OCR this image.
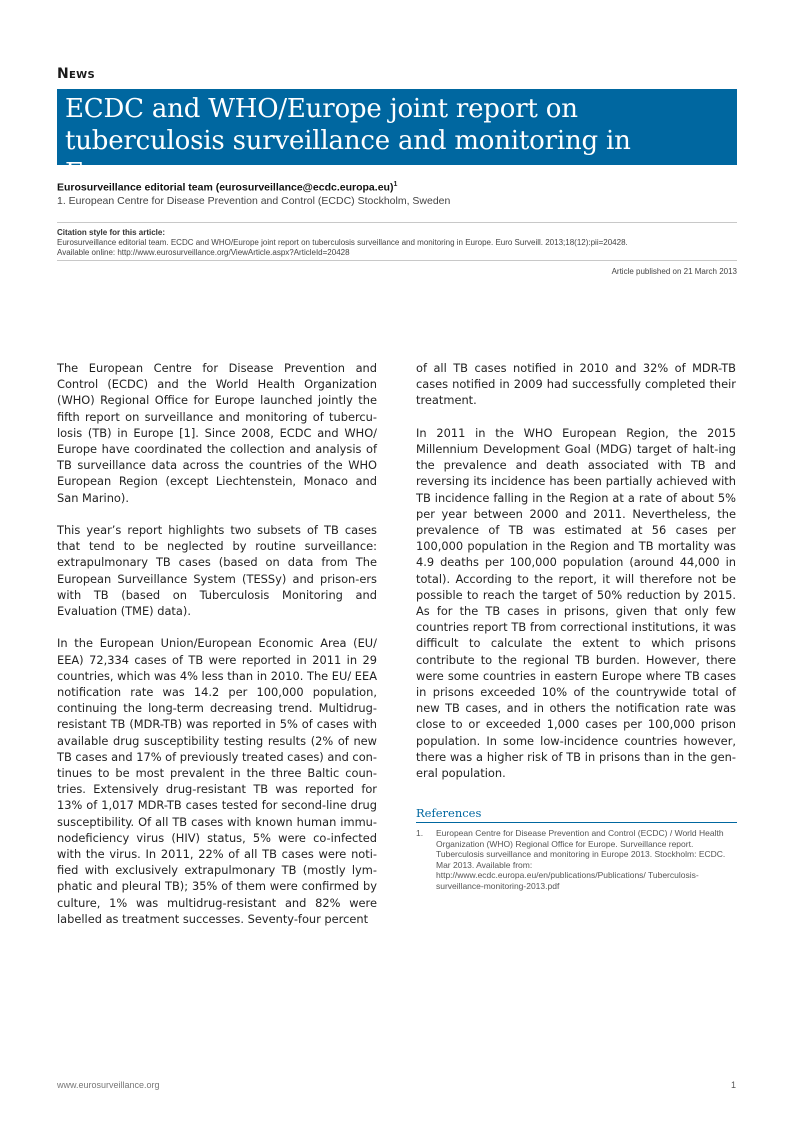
News
ECDC and WHO/Europe joint report on tuberculosis surveillance and monitoring in Europe
Eurosurveillance editorial team (eurosurveillance@ecdc.europa.eu)$^1$
1. European Centre for Disease Prevention and Control (ECDC) Stockholm, Sweden
Citation style for this article:
Eurosurveillance editorial team. ECDC and WHO/Europe joint report on tuberculosis surveillance and monitoring in Europe. Euro Surveill. 2013;18(12):pii=20428.
Available online: http://www.eurosurveillance.org/ViewArticle.aspx?ArticleId=20428
Article published on 21 March 2013

The European Centre for Disease Prevention and Control (ECDC) and the World Health Organization (WHO) Regional Office for Europe launched jointly the fifth report on surveillance and monitoring of tubercu-losis (TB) in Europe [1]. Since 2008, ECDC and WHO/ Europe have coordinated the collection and analysis of TB surveillance data across the countries of the WHO European Region (except Liechtenstein, Monaco and San Marino).

This year’s report highlights two subsets of TB cases that tend to be neglected by routine surveillance: extrapulmonary TB cases (based on data from The European Surveillance System (TESSy) and prison-ers with TB (based on Tuberculosis Monitoring and Evaluation (TME) data).

In the European Union/European Economic Area (EU/ EEA) 72,334 cases of TB were reported in 2011 in 29 countries, which was 4% less than in 2010. The EU/ EEA notification rate was 14.2 per 100,000 population, continuing the long-term decreasing trend. Multidrug-resistant TB (MDR-TB) was reported in 5% of cases with available drug susceptibility testing results (2% of new TB cases and 17% of previously treated cases) and con-tinues to be most prevalent in the three Baltic coun-tries. Extensively drug-resistant TB was reported for 13% of 1,017 MDR-TB cases tested for second-line drug susceptibility. Of all TB cases with known human immu-nodeficiency virus (HIV) status, 5% were co-infected with the virus. In 2011, 22% of all TB cases were noti-fied with exclusively extrapulmonary TB (mostly lym-phatic and pleural TB); 35% of them were confirmed by culture, 1% was multidrug-resistant and 82% were labelled as treatment successes. Seventy-four percent

of all TB cases notified in 2010 and 32% of MDR-TB cases notified in 2009 had successfully completed their treatment.

In 2011 in the WHO European Region, the 2015 Millennium Development Goal (MDG) target of halt-ing the prevalence and death associated with TB and reversing its incidence has been partially achieved with TB incidence falling in the Region at a rate of about 5% per year between 2000 and 2011. Nevertheless, the prevalence of TB was estimated at 56 cases per 100,000 population in the Region and TB mortality was 4.9 deaths per 100,000 population (around 44,000 in total). According to the report, it will therefore not be possible to reach the target of 50% reduction by 2015. As for the TB cases in prisons, given that only few countries report TB from correctional institutions, it was difficult to calculate the extent to which prisons contribute to the regional TB burden. However, there were some countries in eastern Europe where TB cases in prisons exceeded 10% of the countrywide total of new TB cases, and in others the notification rate was close to or exceeded 1,000 cases per 100,000 prison population. In some low-incidence countries however, there was a higher risk of TB in prisons than in the gen-eral population.

References
1.	European Centre for Disease Prevention and Control (ECDC) / World Health Organization (WHO) Regional Office for Europe. Surveillance report. Tuberculosis surveillance and monitoring in Europe 2013. Stockholm: ECDC. Mar 2013. Available from: http://www.ecdc.europa.eu/en/publications/Publications/ Tuberculosis-surveillance-monitoring-2013.pdf
www.eurosurveillance.org	1
